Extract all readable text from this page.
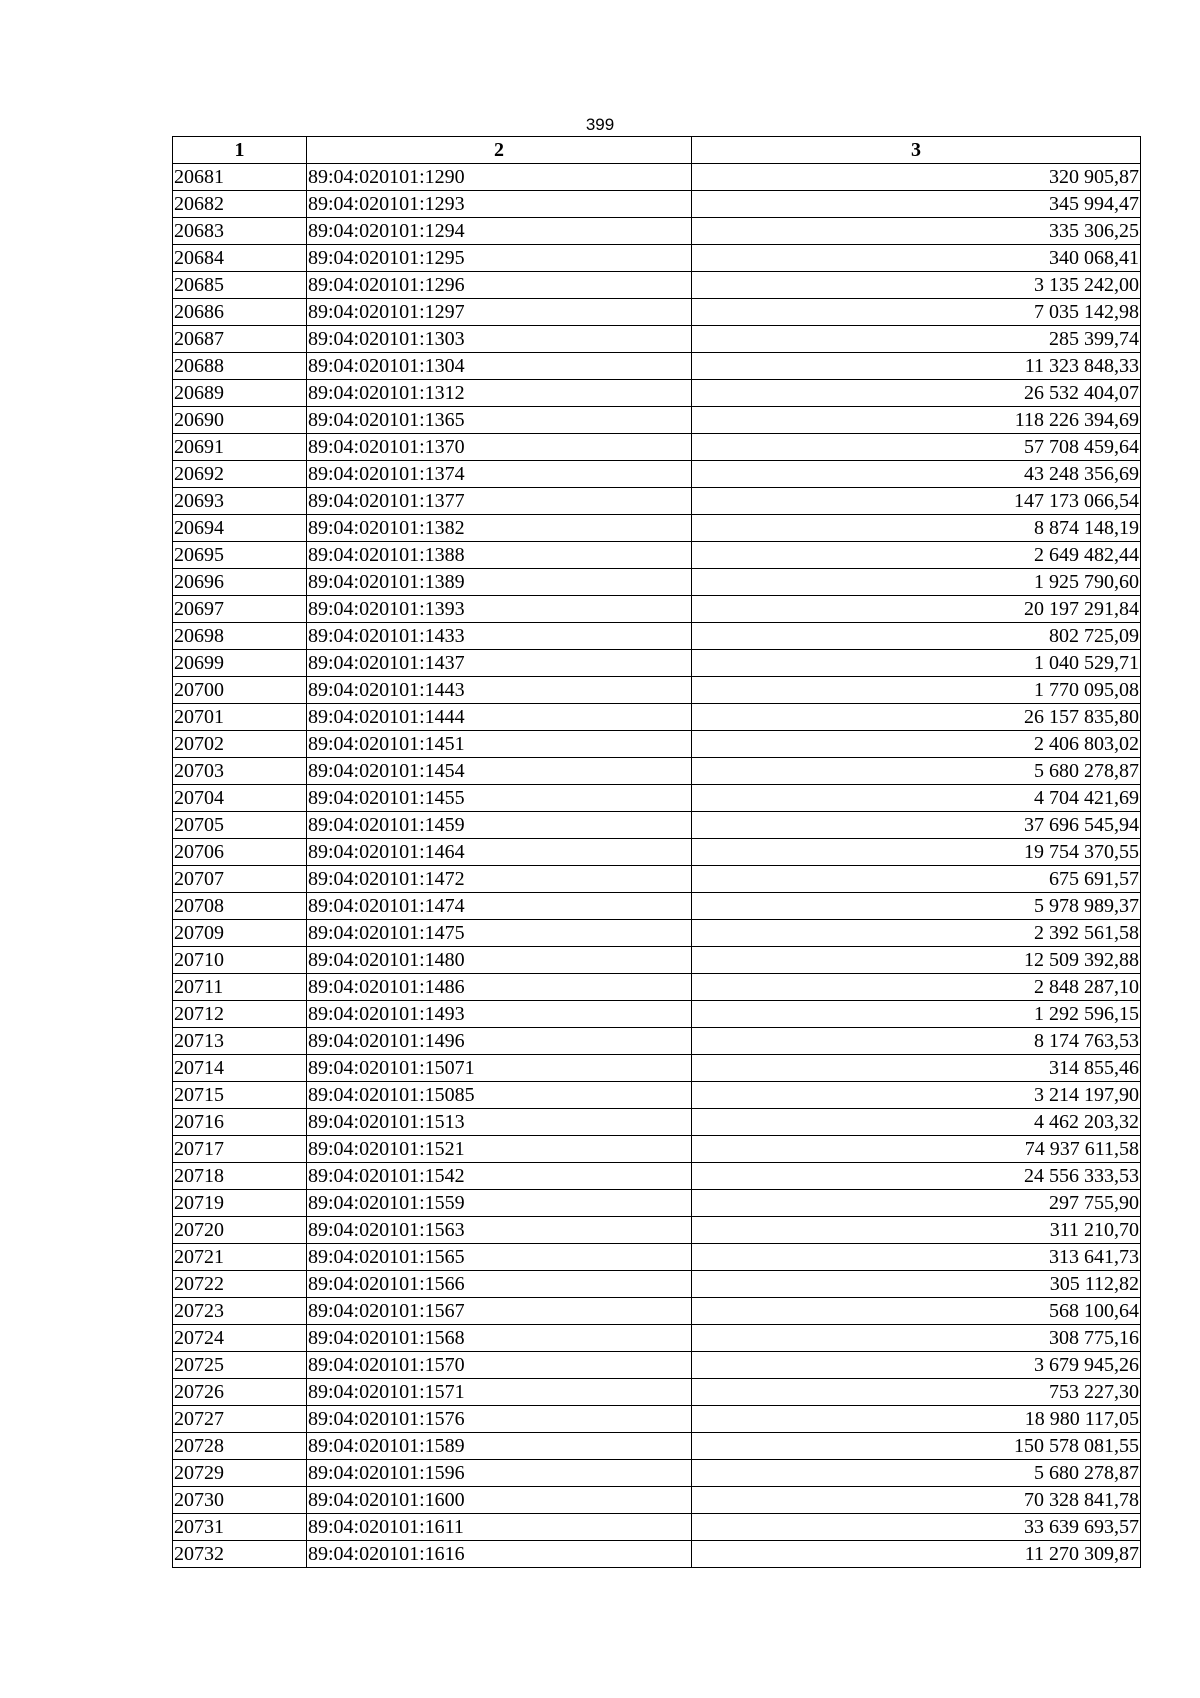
399
1	2	3
20681	89:04:020101:1290	320 905,87
20682	89:04:020101:1293	345 994,47
20683	89:04:020101:1294	335 306,25
20684	89:04:020101:1295	340 068,41
20685	89:04:020101:1296	3 135 242,00
20686	89:04:020101:1297	7 035 142,98
20687	89:04:020101:1303	285 399,74
20688	89:04:020101:1304	11 323 848,33
20689	89:04:020101:1312	26 532 404,07
20690	89:04:020101:1365	118 226 394,69
20691	89:04:020101:1370	57 708 459,64
20692	89:04:020101:1374	43 248 356,69
20693	89:04:020101:1377	147 173 066,54
20694	89:04:020101:1382	8 874 148,19
20695	89:04:020101:1388	2 649 482,44
20696	89:04:020101:1389	1 925 790,60
20697	89:04:020101:1393	20 197 291,84
20698	89:04:020101:1433	802 725,09
20699	89:04:020101:1437	1 040 529,71
20700	89:04:020101:1443	1 770 095,08
20701	89:04:020101:1444	26 157 835,80
20702	89:04:020101:1451	2 406 803,02
20703	89:04:020101:1454	5 680 278,87
20704	89:04:020101:1455	4 704 421,69
20705	89:04:020101:1459	37 696 545,94
20706	89:04:020101:1464	19 754 370,55
20707	89:04:020101:1472	675 691,57
20708	89:04:020101:1474	5 978 989,37
20709	89:04:020101:1475	2 392 561,58
20710	89:04:020101:1480	12 509 392,88
20711	89:04:020101:1486	2 848 287,10
20712	89:04:020101:1493	1 292 596,15
20713	89:04:020101:1496	8 174 763,53
20714	89:04:020101:15071	314 855,46
20715	89:04:020101:15085	3 214 197,90
20716	89:04:020101:1513	4 462 203,32
20717	89:04:020101:1521	74 937 611,58
20718	89:04:020101:1542	24 556 333,53
20719	89:04:020101:1559	297 755,90
20720	89:04:020101:1563	311 210,70
20721	89:04:020101:1565	313 641,73
20722	89:04:020101:1566	305 112,82
20723	89:04:020101:1567	568 100,64
20724	89:04:020101:1568	308 775,16
20725	89:04:020101:1570	3 679 945,26
20726	89:04:020101:1571	753 227,30
20727	89:04:020101:1576	18 980 117,05
20728	89:04:020101:1589	150 578 081,55
20729	89:04:020101:1596	5 680 278,87
20730	89:04:020101:1600	70 328 841,78
20731	89:04:020101:1611	33 639 693,57
20732	89:04:020101:1616	11 270 309,87
